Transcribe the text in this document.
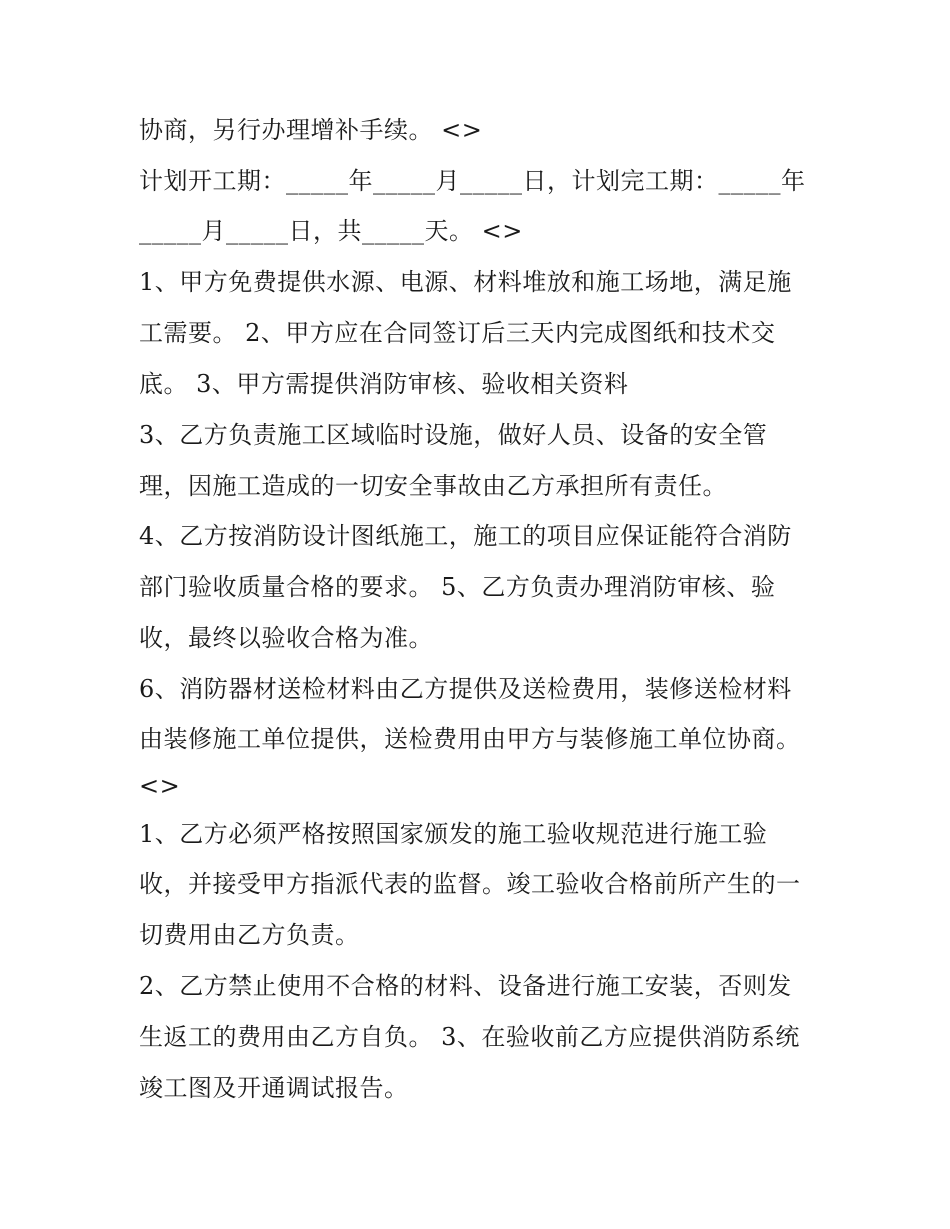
协商，另行办理增补手续。 <>
计划开工期：_____年_____月_____日，计划完工期：_____年
_____月_____日，共_____天。 <>
1、甲方免费提供水源、电源、材料堆放和施工场地，满足施
工需要。 2、甲方应在合同签订后三天内完成图纸和技术交
底。 3、甲方需提供消防审核、验收相关资料
3、乙方负责施工区域临时设施，做好人员、设备的安全管
理，因施工造成的一切安全事故由乙方承担所有责任。
4、乙方按消防设计图纸施工，施工的项目应保证能符合消防
部门验收质量合格的要求。 5、乙方负责办理消防审核、验
收，最终以验收合格为准。
6、消防器材送检材料由乙方提供及送检费用，装修送检材料
由装修施工单位提供，送检费用由甲方与装修施工单位协商。
<>
1、乙方必须严格按照国家颁发的施工验收规范进行施工验
收，并接受甲方指派代表的监督。竣工验收合格前所产生的一
切费用由乙方负责。
2、乙方禁止使用不合格的材料、设备进行施工安装，否则发
生返工的费用由乙方自负。 3、在验收前乙方应提供消防系统
竣工图及开通调试报告。
